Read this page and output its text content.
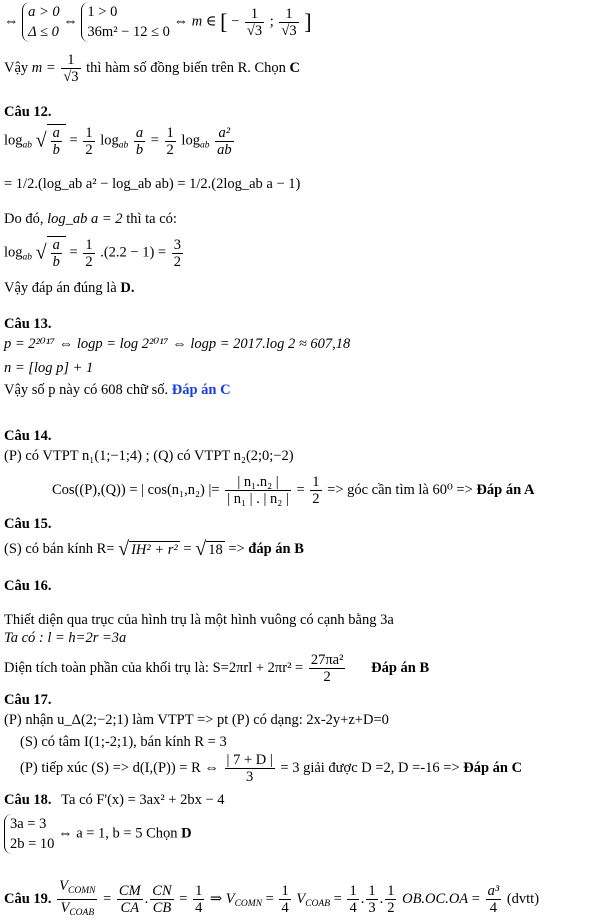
⇔
a > 0
Δ ≤ 0
⇔
1 > 0
36m² − 12 ≤ 0
⇔ m ∈ [ − $\frac{1}{√3}$ ; $\frac{1}{√3}$ ]
Vậy $m = \frac{1}{√3}$ thì hàm số đồng biến trên R. Chọn C
Câu 12.
$\log_{ab}$ √ $\frac{a}{b} = \frac{1}{2} \log_{ab} \frac{a}{b} = \frac{1}{2} \log_{ab} \frac{\text{a²}}{ab}$
= 1/2.(log_ab a² − log_ab ab) = 1/2.(2log_ab a − 1)
Do đó, log_ab a = 2 thì ta có:
$\log_{ab}$ √ $\frac{a}{b} = \frac{1}{2} .(2.2 - 1) = \frac{3}{2}$
Vậy đáp án đúng là D.
Câu 13.
p = 2²⁰¹⁷ ⇔ logp = log 2²⁰¹⁷ ⇔ logp = 2017.log 2 ≈ 607,18
n = [log p] + 1
Vậy số p này có 608 chữ số. Đáp án C
Câu 14.
(P) có VTPT n₁(1;−1;4) ; (Q) có VTPT n₂(2;0;−2)
Cos((P),(Q)) = | cos(n₁,n₂) |= $\frac{\text{| n₁.n₂ |}}{\text{| n₁ | . | n₂ |}} = \frac{1}{2}$ => góc cần tìm là 60⁰ => Đáp án A
Câu 15.
(S) có bán kính R= √ IH² + r² = √ 18 => đáp án B
Câu 16.
Thiết diện qua trục của hình trụ là một hình vuông có cạnh bằng 3a
Ta có : l = h=2r =3a
Diện tích toàn phần của khối trụ là: $S=2\pi rl + 2\pi r^2 = \frac{\text{27πa²}}{2}$ Đáp án B
Câu 17.
(P) nhận u_Δ(2;−2;1) làm VTPT => pt (P) có dạng: 2x-2y+z+D=0
(S) có tâm I(1;-2;1), bán kính R = 3
(P) tiếp xúc (S) => d(I,(P)) = R ⇔ $\frac{| 7 + D |}{3} = 3$ giải được D =2, D =-16 => Đáp án C
Câu 18. Ta có F'(x) = 3ax² + 2bx − 4
3a = 3
2b = 10
⇔ a = 1, b = 5 Chọn D
Câu 19. $\frac{V_{COMN}}{V_{COAB}} = \frac{CM}{CA}$ . $\frac{CN}{CB} = \frac{1}{4}$ ⇒ $V_{COMN} = \frac{1}{4} V_{COAB} = \frac{1}{4}$ . $\frac{1}{3}$ . $\frac{1}{2} OB.OC.OA = \frac{\text{a³}}{4}$ (dvtt)
